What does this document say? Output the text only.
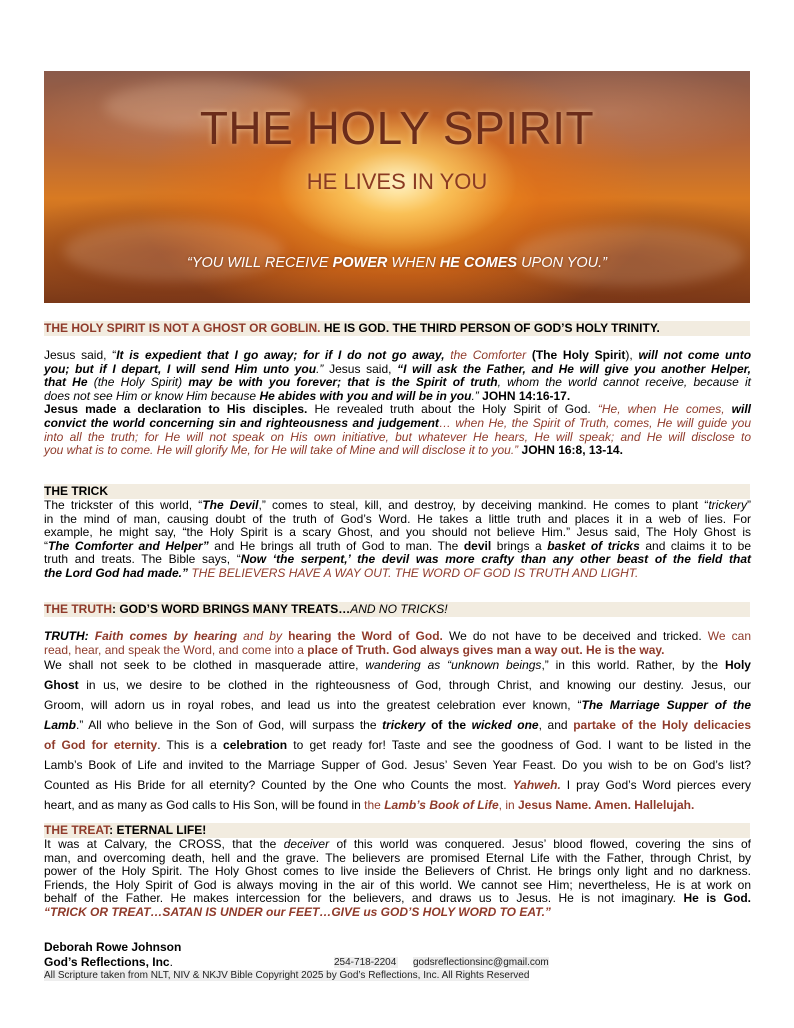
THE HOLY SPIRIT
HE LIVES IN YOU
“YOU WILL RECEIVE POWER WHEN HE COMES UPON YOU.”
THE HOLY SPIRIT IS NOT A GHOST OR GOBLIN. HE IS GOD. THE THIRD PERSON OF GOD’S HOLY TRINITY.
Jesus said, “It is expedient that I go away; for if I do not go away, the Comforter (The Holy Spirit), will not come unto
you; but if I depart, I will send Him unto you.” Jesus said, “I will ask the Father, and He will give you another Helper,
that He (the Holy Spirit) may be with you forever; that is the Spirit of truth, whom the world cannot receive, because it
does not see Him or know Him because He abides with you and will be in you.” JOHN 14:16-17.
Jesus made a declaration to His disciples. He revealed truth about the Holy Spirit of God. “He, when He comes, will
convict the world concerning sin and righteousness and judgement… when He, the Spirit of Truth, comes, He will guide you
into all the truth; for He will not speak on His own initiative, but whatever He hears, He will speak; and He will disclose to
you what is to come. He will glorify Me, for He will take of Mine and will disclose it to you.” JOHN 16:8, 13-14.
THE TRICK
The trickster of this world, “The Devil,” comes to steal, kill, and destroy, by deceiving mankind. He comes to plant “trickery”
in the mind of man, causing doubt of the truth of God’s Word. He takes a little truth and places it in a web of lies. For
example, he might say, “the Holy Spirit is a scary Ghost, and you should not believe Him.” Jesus said, The Holy Ghost is
“The Comforter and Helper” and He brings all truth of God to man. The devil brings a basket of tricks and claims it to be
truth and treats. The Bible says, “Now ‘the serpent,’ the devil was more crafty than any other beast of the field that
the Lord God had made.” THE BELIEVERS HAVE A WAY OUT. THE WORD OF GOD IS TRUTH AND LIGHT.
THE TRUTH: GOD’S WORD BRINGS MANY TREATS…AND NO TRICKS!
TRUTH: Faith comes by hearing and by hearing the Word of God. We do not have to be deceived and tricked. We can
read, hear, and speak the Word, and come into a place of Truth. God always gives man a way out. He is the way.
We shall not seek to be clothed in masquerade attire, wandering as “unknown beings,” in this world. Rather, by the Holy
Ghost in us, we desire to be clothed in the righteousness of God, through Christ, and knowing our destiny. Jesus, our
Groom, will adorn us in royal robes, and lead us into the greatest celebration ever known, “The Marriage Supper of the
Lamb.” All who believe in the Son of God, will surpass the trickery of the wicked one, and partake of the Holy delicacies
of God for eternity. This is a celebration to get ready for! Taste and see the goodness of God. I want to be listed in the
Lamb’s Book of Life and invited to the Marriage Supper of God. Jesus’ Seven Year Feast. Do you wish to be on God’s list?
Counted as His Bride for all eternity? Counted by the One who Counts the most. Yahweh. I pray God’s Word pierces every
heart, and as many as God calls to His Son, will be found in the Lamb’s Book of Life, in Jesus Name. Amen. Hallelujah.
THE TREAT: ETERNAL LIFE!
It was at Calvary, the CROSS, that the deceiver of this world was conquered. Jesus’ blood flowed, covering the sins of
man, and overcoming death, hell and the grave. The believers are promised Eternal Life with the Father, through Christ, by
power of the Holy Spirit. The Holy Ghost comes to live inside the Believers of Christ. He brings only light and no darkness.
Friends, the Holy Spirit of God is always moving in the air of this world. We cannot see Him; nevertheless, He is at work on
behalf of the Father. He makes intercession for the believers, and draws us to Jesus. He is not imaginary. He is God.
“TRICK OR TREAT…SATAN IS UNDER our FEET…GIVE us GOD’S HOLY WORD TO EAT.”
Deborah Rowe Johnson
God’s Reflections, Inc.	254-718-2204 godsreflectionsinc@gmail.com
All Scripture taken from NLT, NIV & NKJV Bible Copyright 2025 by God’s Reflections, Inc. All Rights Reserved
